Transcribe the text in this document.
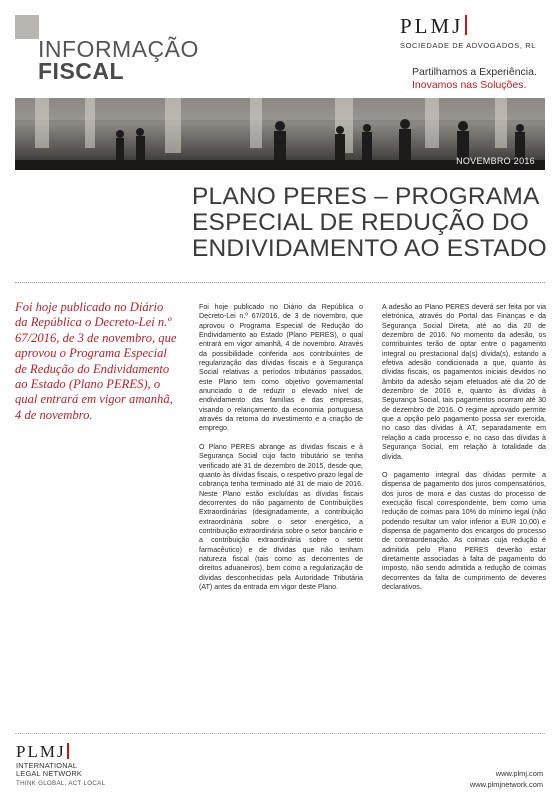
INFORMAÇÃO
FISCAL
PLMJ
SOCIEDADE DE ADVOGADOS, RL
Partilhamos a Experiência.
Inovamos nas Soluções.
NOVEMBRO 2016
PLANO PERES – PROGRAMA
ESPECIAL DE REDUÇÃO DO
ENDIVIDAMENTO AO ESTADO
Foi hoje publicado no Diário da República o Decreto-Lei n.º 67/2016, de 3 de novembro, que aprovou o Programa Especial de Redução do Endividamento ao Estado (Plano PERES), o qual entrará em vigor amanhã, 4 de novembro.

Foi hoje publicado no Diário da República o Decreto-Lei n.º 67/2016, de 3 de novembro, que aprovou o Programa Especial de Redução do Endividamento ao Estado (Plano PERES), o qual entrará em vigor amanhã, 4 de novembro. Através da possibilidade conferida aos contribuintes de regularização das dívidas fiscais e à Segurança Social relativas a períodos tributários passados, este Plano tem como objetivo governamental anunciado o de reduzir o elevado nível de endividamento das famílias e das empresas, visando o relançamento da economia portuguesa através da retoma do investimento e a criação de emprego.

O Plano PERES abrange as dívidas fiscais e à Segurança Social cujo facto tributário se tenha verificado até 31 de dezembro de 2015, desde que, quanto às dívidas fiscais, o respetivo prazo legal de cobrança tenha terminado até 31 de maio de 2016. Neste Plano estão excluídas as dívidas fiscais decorrentes do não pagamento de Contribuições Extraordinárias (designadamente, a contribuição extraordinária sobre o setor energético, a contribuição extraordinária sobre o setor bancário e a contribuição extraordinária sobre o setor farmacêutico) e de dívidas que não tenham natureza fiscal (tais como as decorrentes de direitos aduaneiros), bem como a regularização de dívidas desconhecidas pela Autoridade Tributária (AT) antes da entrada em vigor deste Plano.

A adesão ao Plano PERES deverá ser feita por via eletrónica, através do Portal das Finanças e da Segurança Social Direta, até ao dia 20 de dezembro de 2016. No momento da adesão, os contribuintes terão de optar entre o pagamento integral ou prestacional da(s) dívida(s), estando a efetiva adesão condicionada a que, quanto às dívidas fiscais, os pagamentos iniciais devidos no âmbito da adesão sejam efetuados até dia 20 de dezembro de 2016 e, quanto às dívidas à Segurança Social, tais pagamentos ocorram até 30 de dezembro de 2016. O regime aprovado permite que a opção pelo pagamento possa ser exercida, no caso das dívidas à AT, separadamente em relação a cada processo e, no caso das dívidas à Segurança Social, em relação à totalidade da dívida.

O pagamento integral das dívidas permite a dispensa de pagamento dos juros compensatórios, dos juros de mora e das custas do processo de execução fiscal correspondente, bem como uma redução de coimas para 10% do mínimo legal (não podendo resultar um valor inferior a EUR 10,00) e dispensa de pagamento dos encargos do processo de contraordenação. As coimas cuja redução é admitida pelo Plano PERES deverão estar diretamente associadas à falta de pagamento do imposto, não sendo admitida a redução de coimas decorrentes da falta de cumprimento de deveres declarativos.

PLMJ
INTERNATIONAL
LEGAL NETWORK
THINK GLOBAL, ACT LOCAL
www.plmj.com
www.plmjnetwork.com
